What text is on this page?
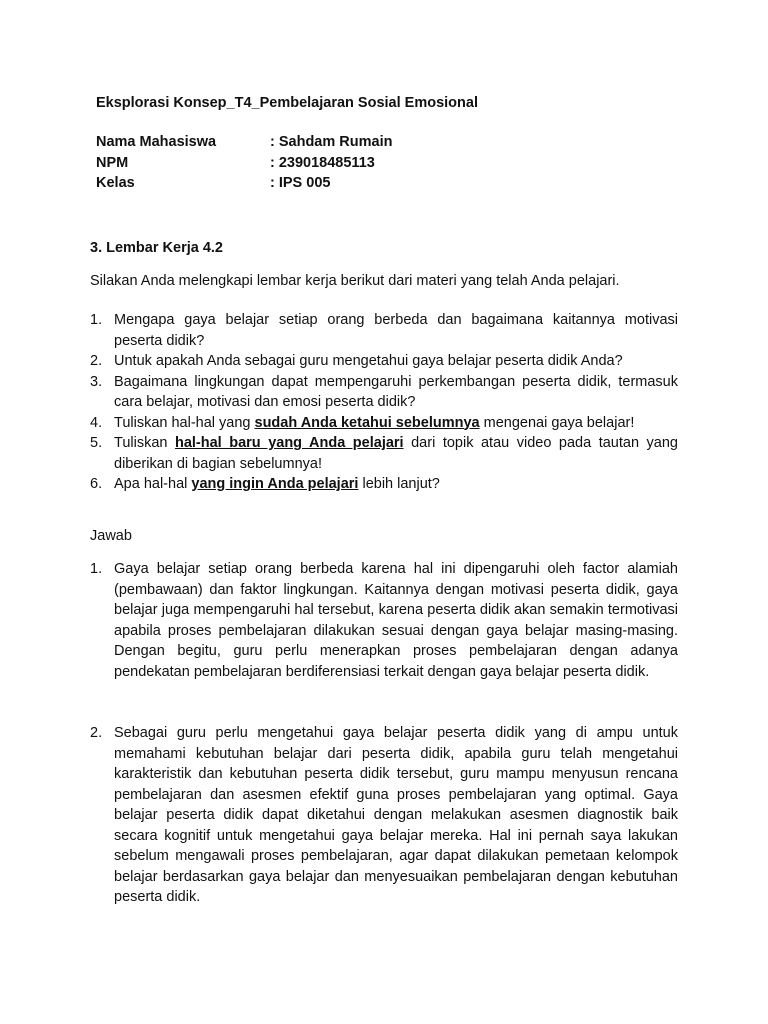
Eksplorasi Konsep_T4_Pembelajaran Sosial Emosional
Nama Mahasiswa	: Sahdam Rumain
NPM	: 239018485113
Kelas	: IPS 005
3. Lembar Kerja 4.2
Silakan Anda melengkapi lembar kerja berikut dari materi yang telah Anda pelajari.
1. Mengapa gaya belajar setiap orang berbeda dan bagaimana kaitannya motivasi peserta didik?
2. Untuk apakah Anda sebagai guru mengetahui gaya belajar peserta didik Anda?
3. Bagaimana lingkungan dapat mempengaruhi perkembangan peserta didik, termasuk cara belajar, motivasi dan emosi peserta didik?
4. Tuliskan hal-hal yang sudah Anda ketahui sebelumnya mengenai gaya belajar!
5. Tuliskan hal-hal baru yang Anda pelajari dari topik atau video pada tautan yang diberikan di bagian sebelumnya!
6. Apa hal-hal yang ingin Anda pelajari lebih lanjut?
Jawab
1. Gaya belajar setiap orang berbeda karena hal ini dipengaruhi oleh factor alamiah (pembawaan) dan faktor lingkungan. Kaitannya dengan motivasi peserta didik, gaya belajar juga mempengaruhi hal tersebut, karena peserta didik akan semakin termotivasi apabila proses pembelajaran dilakukan sesuai dengan gaya belajar masing-masing. Dengan begitu, guru perlu menerapkan proses pembelajaran dengan adanya pendekatan pembelajaran berdiferensiasi terkait dengan gaya belajar peserta didik.
2. Sebagai guru perlu mengetahui gaya belajar peserta didik yang di ampu untuk memahami kebutuhan belajar dari peserta didik, apabila guru telah mengetahui karakteristik dan kebutuhan peserta didik tersebut, guru mampu menyusun rencana pembelajaran dan asesmen efektif guna proses pembelajaran yang optimal. Gaya belajar peserta didik dapat diketahui dengan melakukan asesmen diagnostik baik secara kognitif untuk mengetahui gaya belajar mereka. Hal ini pernah saya lakukan sebelum mengawali proses pembelajaran, agar dapat dilakukan pemetaan kelompok belajar berdasarkan gaya belajar dan menyesuaikan pembelajaran dengan kebutuhan peserta didik.
